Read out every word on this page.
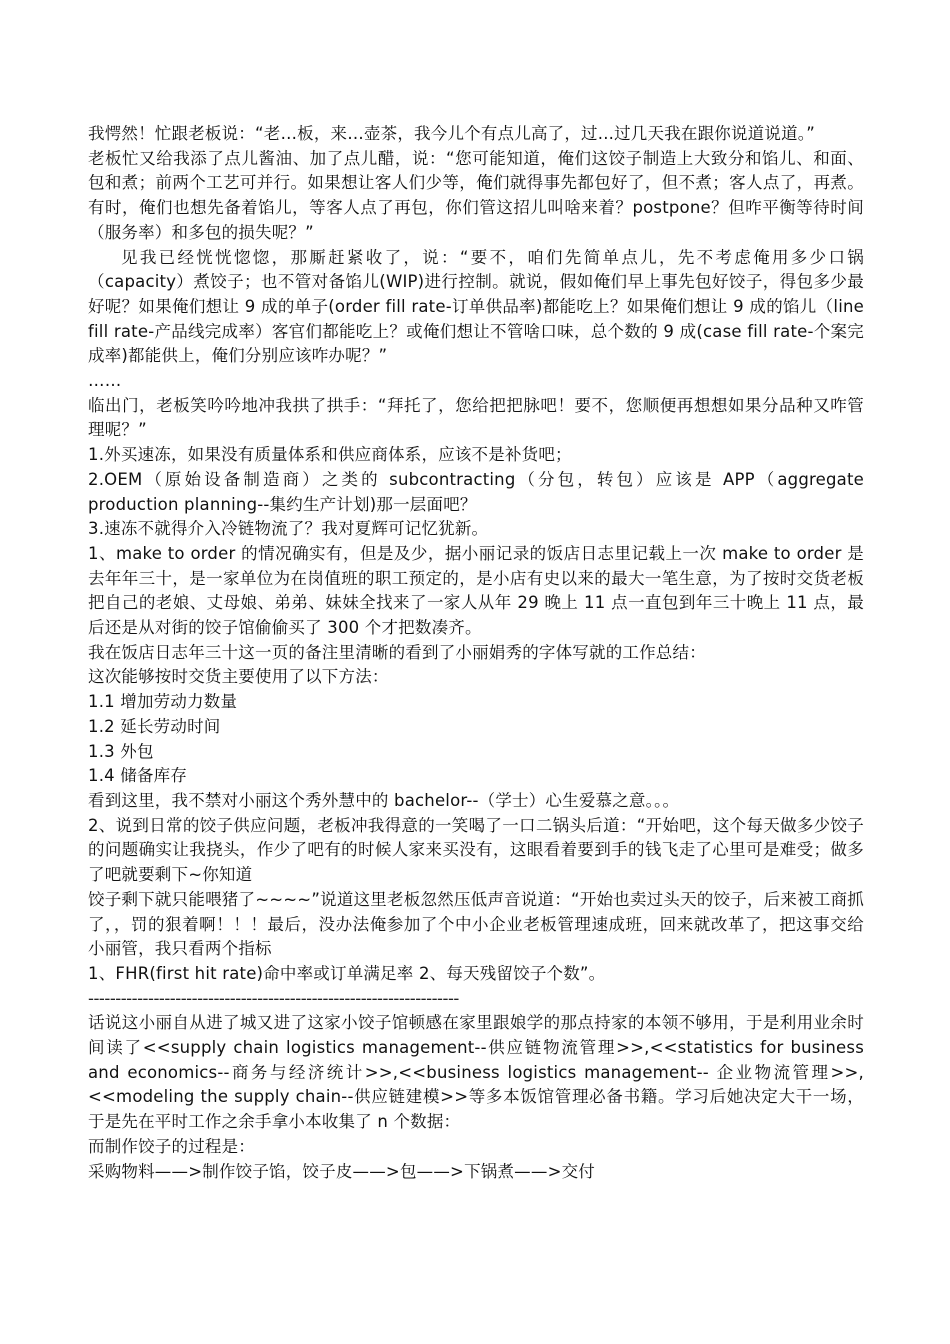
我愕然！忙跟老板说：“老…板，来…壶茶，我今儿个有点儿高了，过...过几天我在跟你说道说道。”

老板忙又给我添了点儿酱油、加了点儿醋，说：“您可能知道，俺们这饺子制造上大致分和馅儿、和面、包和煮；前两个工艺可并行。如果想让客人们少等，俺们就得事先都包好了，但不煮；客人点了，再煮。有时，俺们也想先备着馅儿，等客人点了再包，你们管这招儿叫啥来着？postpone？但咋平衡等待时间（服务率）和多包的损失呢？”

见我已经恍恍惚惚，那厮赶紧收了，说：“要不，咱们先简单点儿，先不考虑俺用多少口锅（capacity）煮饺子；也不管对备馅儿(WIP)进行控制。就说，假如俺们早上事先包好饺子，得包多少最好呢？如果俺们想让 9 成的单子(order fill rate-订单供品率)都能吃上？如果俺们想让 9 成的馅儿（line fill rate-产品线完成率）客官们都能吃上？或俺们想让不管啥口味，总个数的 9 成(case fill rate-个案完成率)都能供上，俺们分别应该咋办呢？”

……

临出门，老板笑吟吟地冲我拱了拱手：“拜托了，您给把把脉吧！要不，您顺便再想想如果分品种又咋管理呢？”

1.外买速冻，如果没有质量体系和供应商体系，应该不是补货吧；

2.OEM（原始设备制造商）之类的 subcontracting（分包，转包）应该是 APP（aggregate production planning--集约生产计划)那一层面吧？

3.速冻不就得介入冷链物流了？我对夏辉可记忆犹新。

1、make to order 的情况确实有，但是及少，据小丽记录的饭店日志里记载上一次 make to order 是去年年三十，是一家单位为在岗值班的职工预定的，是小店有史以来的最大一笔生意，为了按时交货老板把自己的老娘、丈母娘、弟弟、妹妹全找来了一家人从年 29 晚上 11 点一直包到年三十晚上 11 点，最后还是从对街的饺子馆偷偷买了 300 个才把数凑齐。

我在饭店日志年三十这一页的备注里清晰的看到了小丽娟秀的字体写就的工作总结：

这次能够按时交货主要使用了以下方法：

1.1 增加劳动力数量

1.2 延长劳动时间

1.3 外包

1.4 储备库存

看到这里，我不禁对小丽这个秀外慧中的 bachelor--（学士）心生爱慕之意。。。

2、说到日常的饺子供应问题，老板冲我得意的一笑喝了一口二锅头后道：“开始吧，这个每天做多少饺子的问题确实让我挠头，作少了吧有的时候人家来买没有，这眼看着要到手的钱飞走了心里可是难受；做多了吧就要剩下~你知道

饺子剩下就只能喂猪了~~~~”说道这里老板忽然压低声音说道：“开始也卖过头天的饺子，后来被工商抓了，，罚的狠着啊！！！最后，没办法俺参加了个中小企业老板管理速成班，回来就改革了，把这事交给小丽管，我只看两个指标

1、FHR(first hit rate)命中率或订单满足率 2、每天残留饺子个数”。

--------------------------------------------------------------------

话说这小丽自从进了城又进了这家小饺子馆顿感在家里跟娘学的那点持家的本领不够用，于是利用业余时间读了<<supply chain logistics management--供应链物流管理>>,<<statistics for business and economics--商务与经济统计>>,<<business logistics management-- 企业物流管理>>,<<modeling the supply chain--供应链建模>>等多本饭馆管理必备书籍。学习后她决定大干一场，于是先在平时工作之余手拿小本收集了 n 个数据：

而制作饺子的过程是：

采购物料——>制作饺子馅，饺子皮——>包——>下锅煮——>交付
